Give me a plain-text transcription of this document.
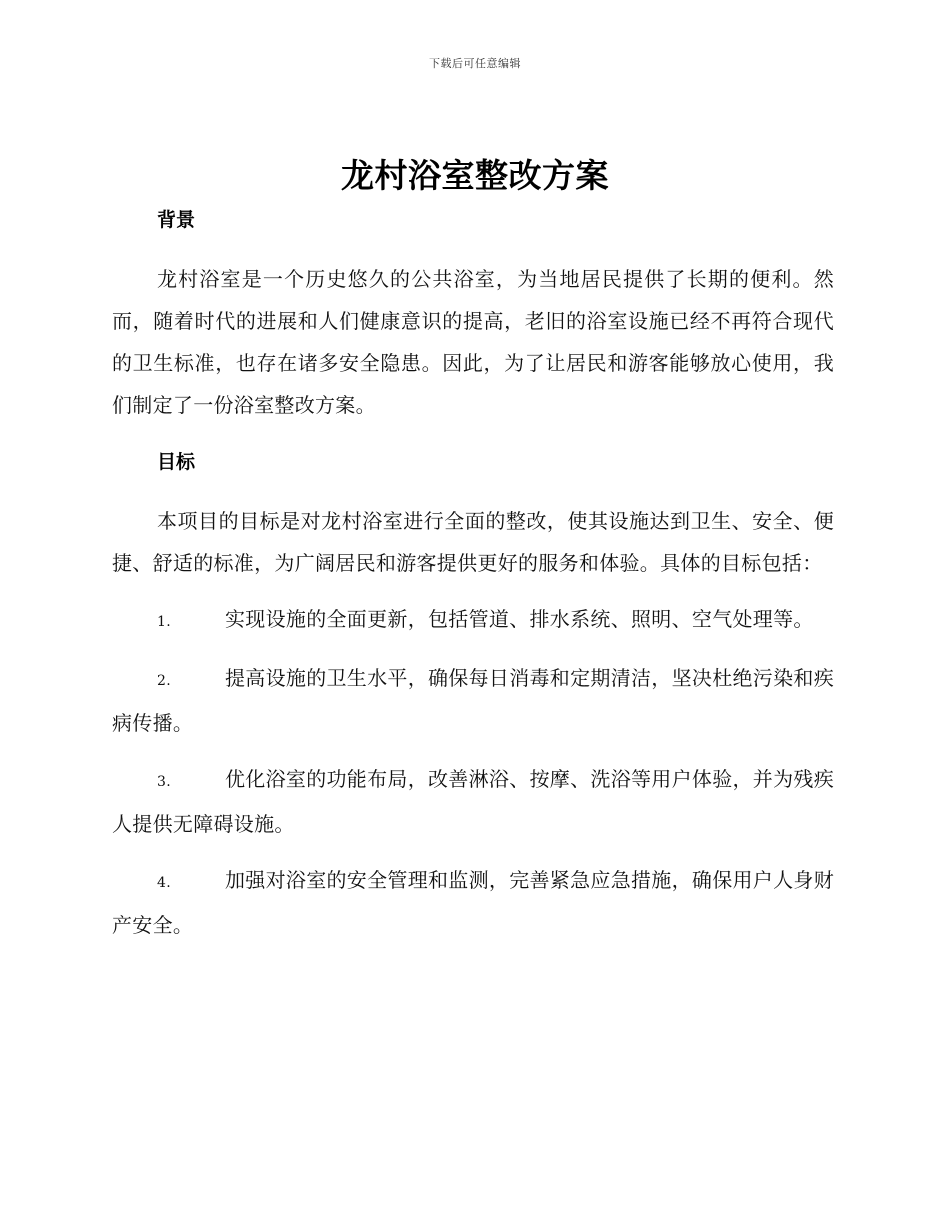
下载后可任意编辑
龙村浴室整改方案
背景

龙村浴室是一个历史悠久的公共浴室，为当地居民提供了长期的便利。然而，随着时代的进展和人们健康意识的提高，老旧的浴室设施已经不再符合现代的卫生标准，也存在诸多安全隐患。因此，为了让居民和游客能够放心使用，我们制定了一份浴室整改方案。

目标

本项目的目标是对龙村浴室进行全面的整改，使其设施达到卫生、安全、便捷、舒适的标准，为广阔居民和游客提供更好的服务和体验。具体的目标包括：

1.	实现设施的全面更新，包括管道、排水系统、照明、空气处理等。
2.	提高设施的卫生水平，确保每日消毒和定期清洁，坚决杜绝污染和疾病传播。
3.	优化浴室的功能布局，改善淋浴、按摩、洗浴等用户体验，并为残疾人提供无障碍设施。
4.	加强对浴室的安全管理和监测，完善紧急应急措施，确保用户人身财产安全。
